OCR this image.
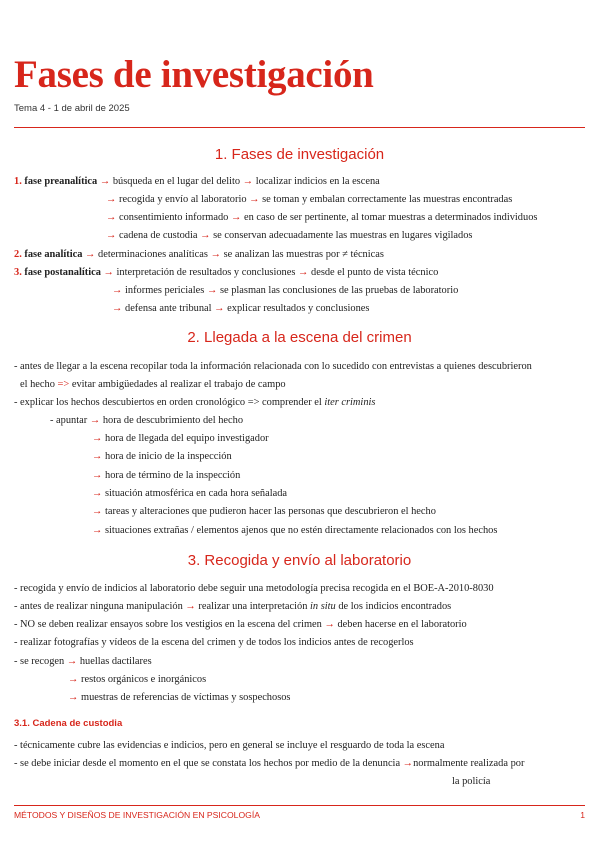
Fases de investigación
Tema 4 - 1 de abril de 2025
1. Fases de investigación
1. fase preanalítica → búsqueda en el lugar del delito → localizar indicios en la escena
→ recogida y envío al laboratorio → se toman y embalan correctamente las muestras encontradas
→ consentimiento informado → en caso de ser pertinente, al tomar muestras a determinados individuos
→ cadena de custodia → se conservan adecuadamente las muestras en lugares vigilados
2. fase analítica → determinaciones analíticas → se analizan las muestras por ≠ técnicas
3. fase postanalítica → interpretación de resultados y conclusiones → desde el punto de vista técnico
→ informes periciales → se plasman las conclusiones de las pruebas de laboratorio
→ defensa ante tribunal → explicar resultados y conclusiones
2. Llegada a la escena del crimen
- antes de llegar a la escena recopilar toda la información relacionada con lo sucedido con entrevistas a quienes descubrieron
el hecho => evitar ambigüedades al realizar el trabajo de campo
- explicar los hechos descubiertos en orden cronológico => comprender el iter criminis
- apuntar → hora de descubrimiento del hecho
→ hora de llegada del equipo investigador
→ hora de inicio de la inspección
→ hora de término de la inspección
→ situación atmosférica en cada hora señalada
→ tareas y alteraciones que pudieron hacer las personas que descubrieron el hecho
→ situaciones extrañas / elementos ajenos que no estén directamente relacionados con los hechos
3. Recogida y envío al laboratorio
- recogida y envío de indicios al laboratorio debe seguir una metodología precisa recogida en el BOE-A-2010-8030
- antes de realizar ninguna manipulación → realizar una interpretación in situ de los indicios encontrados
- NO se deben realizar ensayos sobre los vestigios en la escena del crimen → deben hacerse en el laboratorio
- realizar fotografías y vídeos de la escena del crimen y de todos los indicios antes de recogerlos
- se recogen → huellas dactilares
→ restos orgánicos e inorgánicos
→ muestras de referencias de víctimas y sospechosos
3.1. Cadena de custodia
- técnicamente cubre las evidencias e indicios, pero en general se incluye el resguardo de toda la escena
- se debe iniciar desde el momento en el que se constata los hechos por medio de la denuncia → normalmente realizada por
la policía
MÉTODOS Y DISEÑOS DE INVESTIGACIÓN EN PSICOLOGÍA	1
